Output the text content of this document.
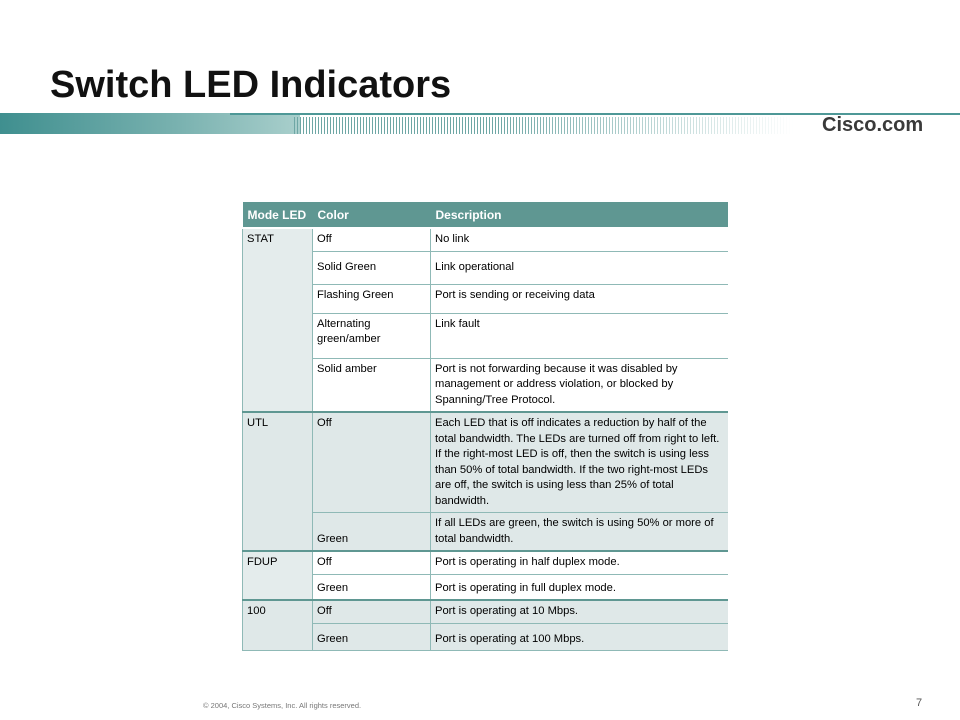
Switch LED Indicators
Cisco.com
Mode LED	Color	Description
STAT	Off	No link
	Solid Green	Link operational
	Flashing Green	Port is sending or receiving data
	Alternating green/amber	Link fault
	Solid amber	Port is not forwarding because it was disabled by management or address violation, or blocked by Spanning/Tree Protocol.
UTL	Off	Each LED that is off indicates a reduction by half of the total bandwidth. The LEDs are turned off from right to left. If the right-most LED is off, then the switch is using less than 50% of total bandwidth. If the two right-most LEDs are off, the switch is using less than 25% of total bandwidth.
	Green	If all LEDs are green, the switch is using 50% or more of total bandwidth.
FDUP	Off	Port is operating in half duplex mode.
	Green	Port is operating in full duplex mode.
100	Off	Port is operating at 10 Mbps.
	Green	Port is operating at 100 Mbps.
© 2004, Cisco Systems, Inc. All rights reserved.	7
